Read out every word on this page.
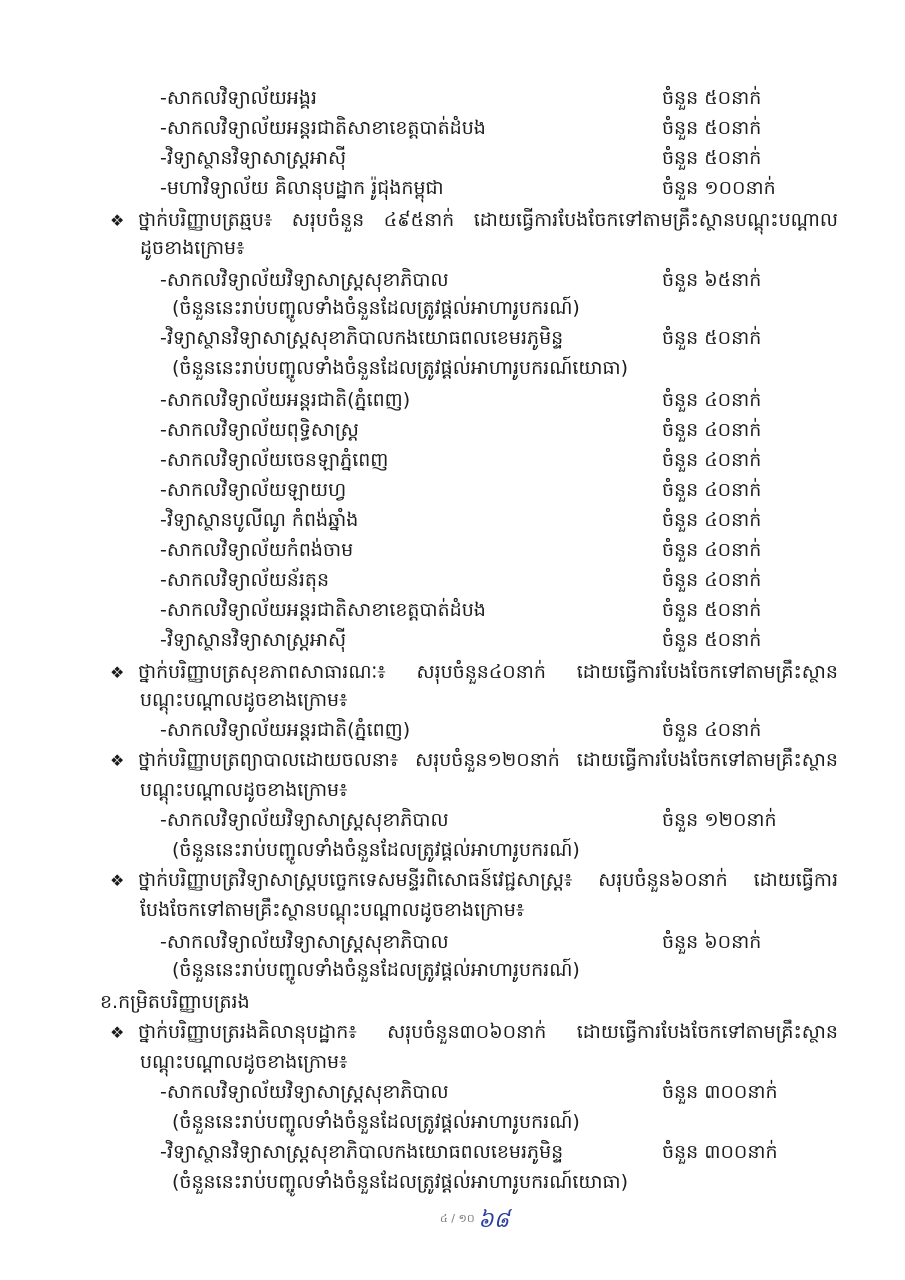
-សាកលវិទ្យាល័យអង្គរ	ចំនួន ៥០នាក់
-សាកលវិទ្យាល័យអន្តរជាតិសាខាខេត្តបាត់ដំបង	ចំនួន ៥០នាក់
-វិទ្យាស្ថានវិទ្យាសាស្ត្រអាស៊ី	ចំនួន ៥០នាក់
-មហាវិទ្យាល័យ គិលានុបដ្ឋាក រ៉ូជុងកម្ពុជា	ចំនួន ១០០នាក់
❖ ថ្នាក់បរិញ្ញាបត្រឆ្មប៖ សរុបចំនួន ៤៩៥នាក់ ដោយធ្វើការបែងចែកទៅតាមគ្រឹះស្ថានបណ្តុះបណ្តាល
ដូចខាងក្រោម៖
-សាកលវិទ្យាល័យវិទ្យាសាស្ត្រសុខាភិបាល	ចំនួន ៦៥នាក់
(ចំនួននេះរាប់បញ្ចូលទាំងចំនួនដែលត្រូវផ្តល់អាហារូបករណ៍)
-វិទ្យាស្ថានវិទ្យាសាស្ត្រសុខាភិបាលកងយោធពលខេមរភូមិន្ទ	ចំនួន ៥០នាក់
(ចំនួននេះរាប់បញ្ចូលទាំងចំនួនដែលត្រូវផ្តល់អាហារូបករណ៍យោធា)
-សាកលវិទ្យាល័យអន្តរជាតិ(ភ្នំពេញ)	ចំនួន ៤០នាក់
-សាកលវិទ្យាល័យពុទ្ធិសាស្ត្រ	ចំនួន ៤០នាក់
-សាកលវិទ្យាល័យចេនឡាភ្នំពេញ	ចំនួន ៤០នាក់
-សាកលវិទ្យាល័យឡាយហ្វ	ចំនួន ៤០នាក់
-វិទ្យាស្ថានបូលីណូ កំពង់ឆ្នាំង	ចំនួន ៤០នាក់
-សាកលវិទ្យាល័យកំពង់ចាម	ចំនួន ៤០នាក់
-សាកលវិទ្យាល័យន័រតុន	ចំនួន ៤០នាក់
-សាកលវិទ្យាល័យអន្តរជាតិសាខាខេត្តបាត់ដំបង	ចំនួន ៥០នាក់
-វិទ្យាស្ថានវិទ្យាសាស្ត្រអាស៊ី	ចំនួន ៥០នាក់
❖ ថ្នាក់បរិញ្ញាបត្រសុខភាពសាធារណៈ៖ សរុបចំនួន៤០នាក់ ដោយធ្វើការបែងចែកទៅតាមគ្រឹះស្ថាន
បណ្តុះបណ្តាលដូចខាងក្រោម៖
-សាកលវិទ្យាល័យអន្តរជាតិ(ភ្នំពេញ)	ចំនួន ៤០នាក់
❖ ថ្នាក់បរិញ្ញាបត្រព្យាបាលដោយចលនា៖ សរុបចំនួន១២០នាក់ ដោយធ្វើការបែងចែកទៅតាមគ្រឹះស្ថាន
បណ្តុះបណ្តាលដូចខាងក្រោម៖
-សាកលវិទ្យាល័យវិទ្យាសាស្ត្រសុខាភិបាល	ចំនួន ១២០នាក់
(ចំនួននេះរាប់បញ្ចូលទាំងចំនួនដែលត្រូវផ្តល់អាហារូបករណ៍)
❖ ថ្នាក់បរិញ្ញាបត្រវិទ្យាសាស្ត្របច្ចេកទេសមន្ទីរពិសោធន៍វេជ្ជសាស្ត្រ៖ សរុបចំនួន៦០នាក់ ដោយធ្វើការ
បែងចែកទៅតាមគ្រឹះស្ថានបណ្តុះបណ្តាលដូចខាងក្រោម៖
-សាកលវិទ្យាល័យវិទ្យាសាស្ត្រសុខាភិបាល	ចំនួន ៦០នាក់
(ចំនួននេះរាប់បញ្ចូលទាំងចំនួនដែលត្រូវផ្តល់អាហារូបករណ៍)
ខ.កម្រិតបរិញ្ញាបត្ររង
❖ ថ្នាក់បរិញ្ញាបត្ររងគិលានុបដ្ឋាក៖ សរុបចំនួន៣០៦០នាក់ ដោយធ្វើការបែងចែកទៅតាមគ្រឹះស្ថាន
បណ្តុះបណ្តាលដូចខាងក្រោម៖
-សាកលវិទ្យាល័យវិទ្យាសាស្ត្រសុខាភិបាល	ចំនួន ៣០០នាក់
(ចំនួននេះរាប់បញ្ចូលទាំងចំនួនដែលត្រូវផ្តល់អាហារូបករណ៍)
-វិទ្យាស្ថានវិទ្យាសាស្ត្រសុខាភិបាលកងយោធពលខេមរភូមិន្ទ	ចំនួន ៣០០នាក់
(ចំនួននេះរាប់បញ្ចូលទាំងចំនួនដែលត្រូវផ្តល់អាហារូបករណ៍យោធា)
៤ / ១០ ៦៨
